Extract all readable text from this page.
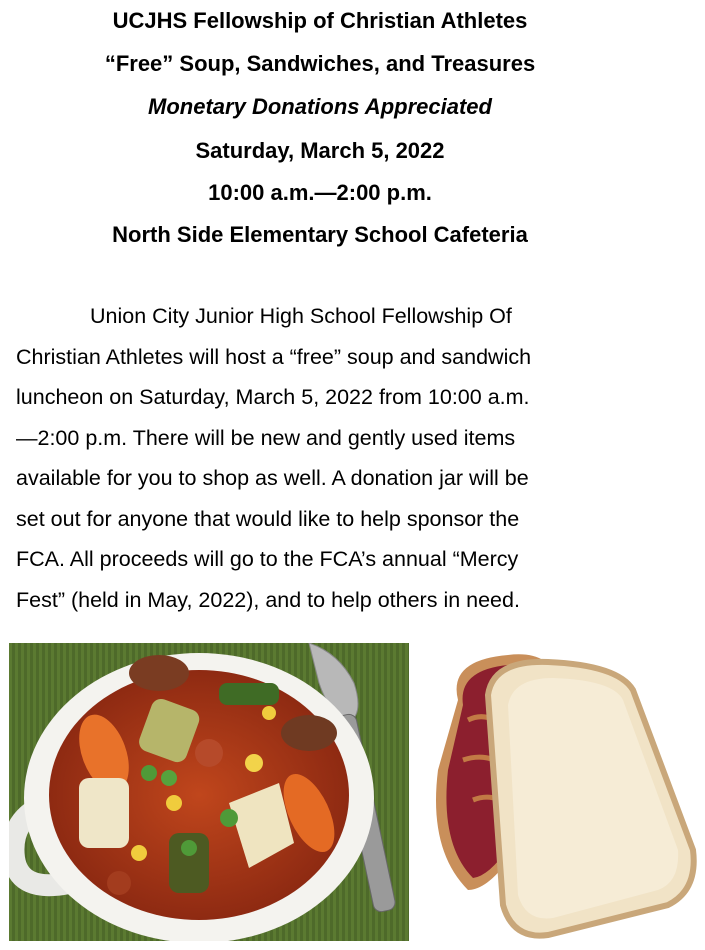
UCJHS Fellowship of Christian Athletes
“Free” Soup, Sandwiches, and Treasures
Monetary Donations Appreciated
Saturday, March 5, 2022
10:00 a.m.—2:00 p.m.
North Side Elementary School Cafeteria
Union City Junior High School Fellowship Of
Christian Athletes will host a “free” soup and sandwich
luncheon on Saturday, March 5, 2022 from 10:00 a.m.
—2:00 p.m. There will be new and gently used items
available for you to shop as well. A donation jar will be
set out for anyone that would like to help sponsor the
FCA. All proceeds will go to the FCA’s annual “Mercy
Fest” (held in May, 2022), and to help others in need.
